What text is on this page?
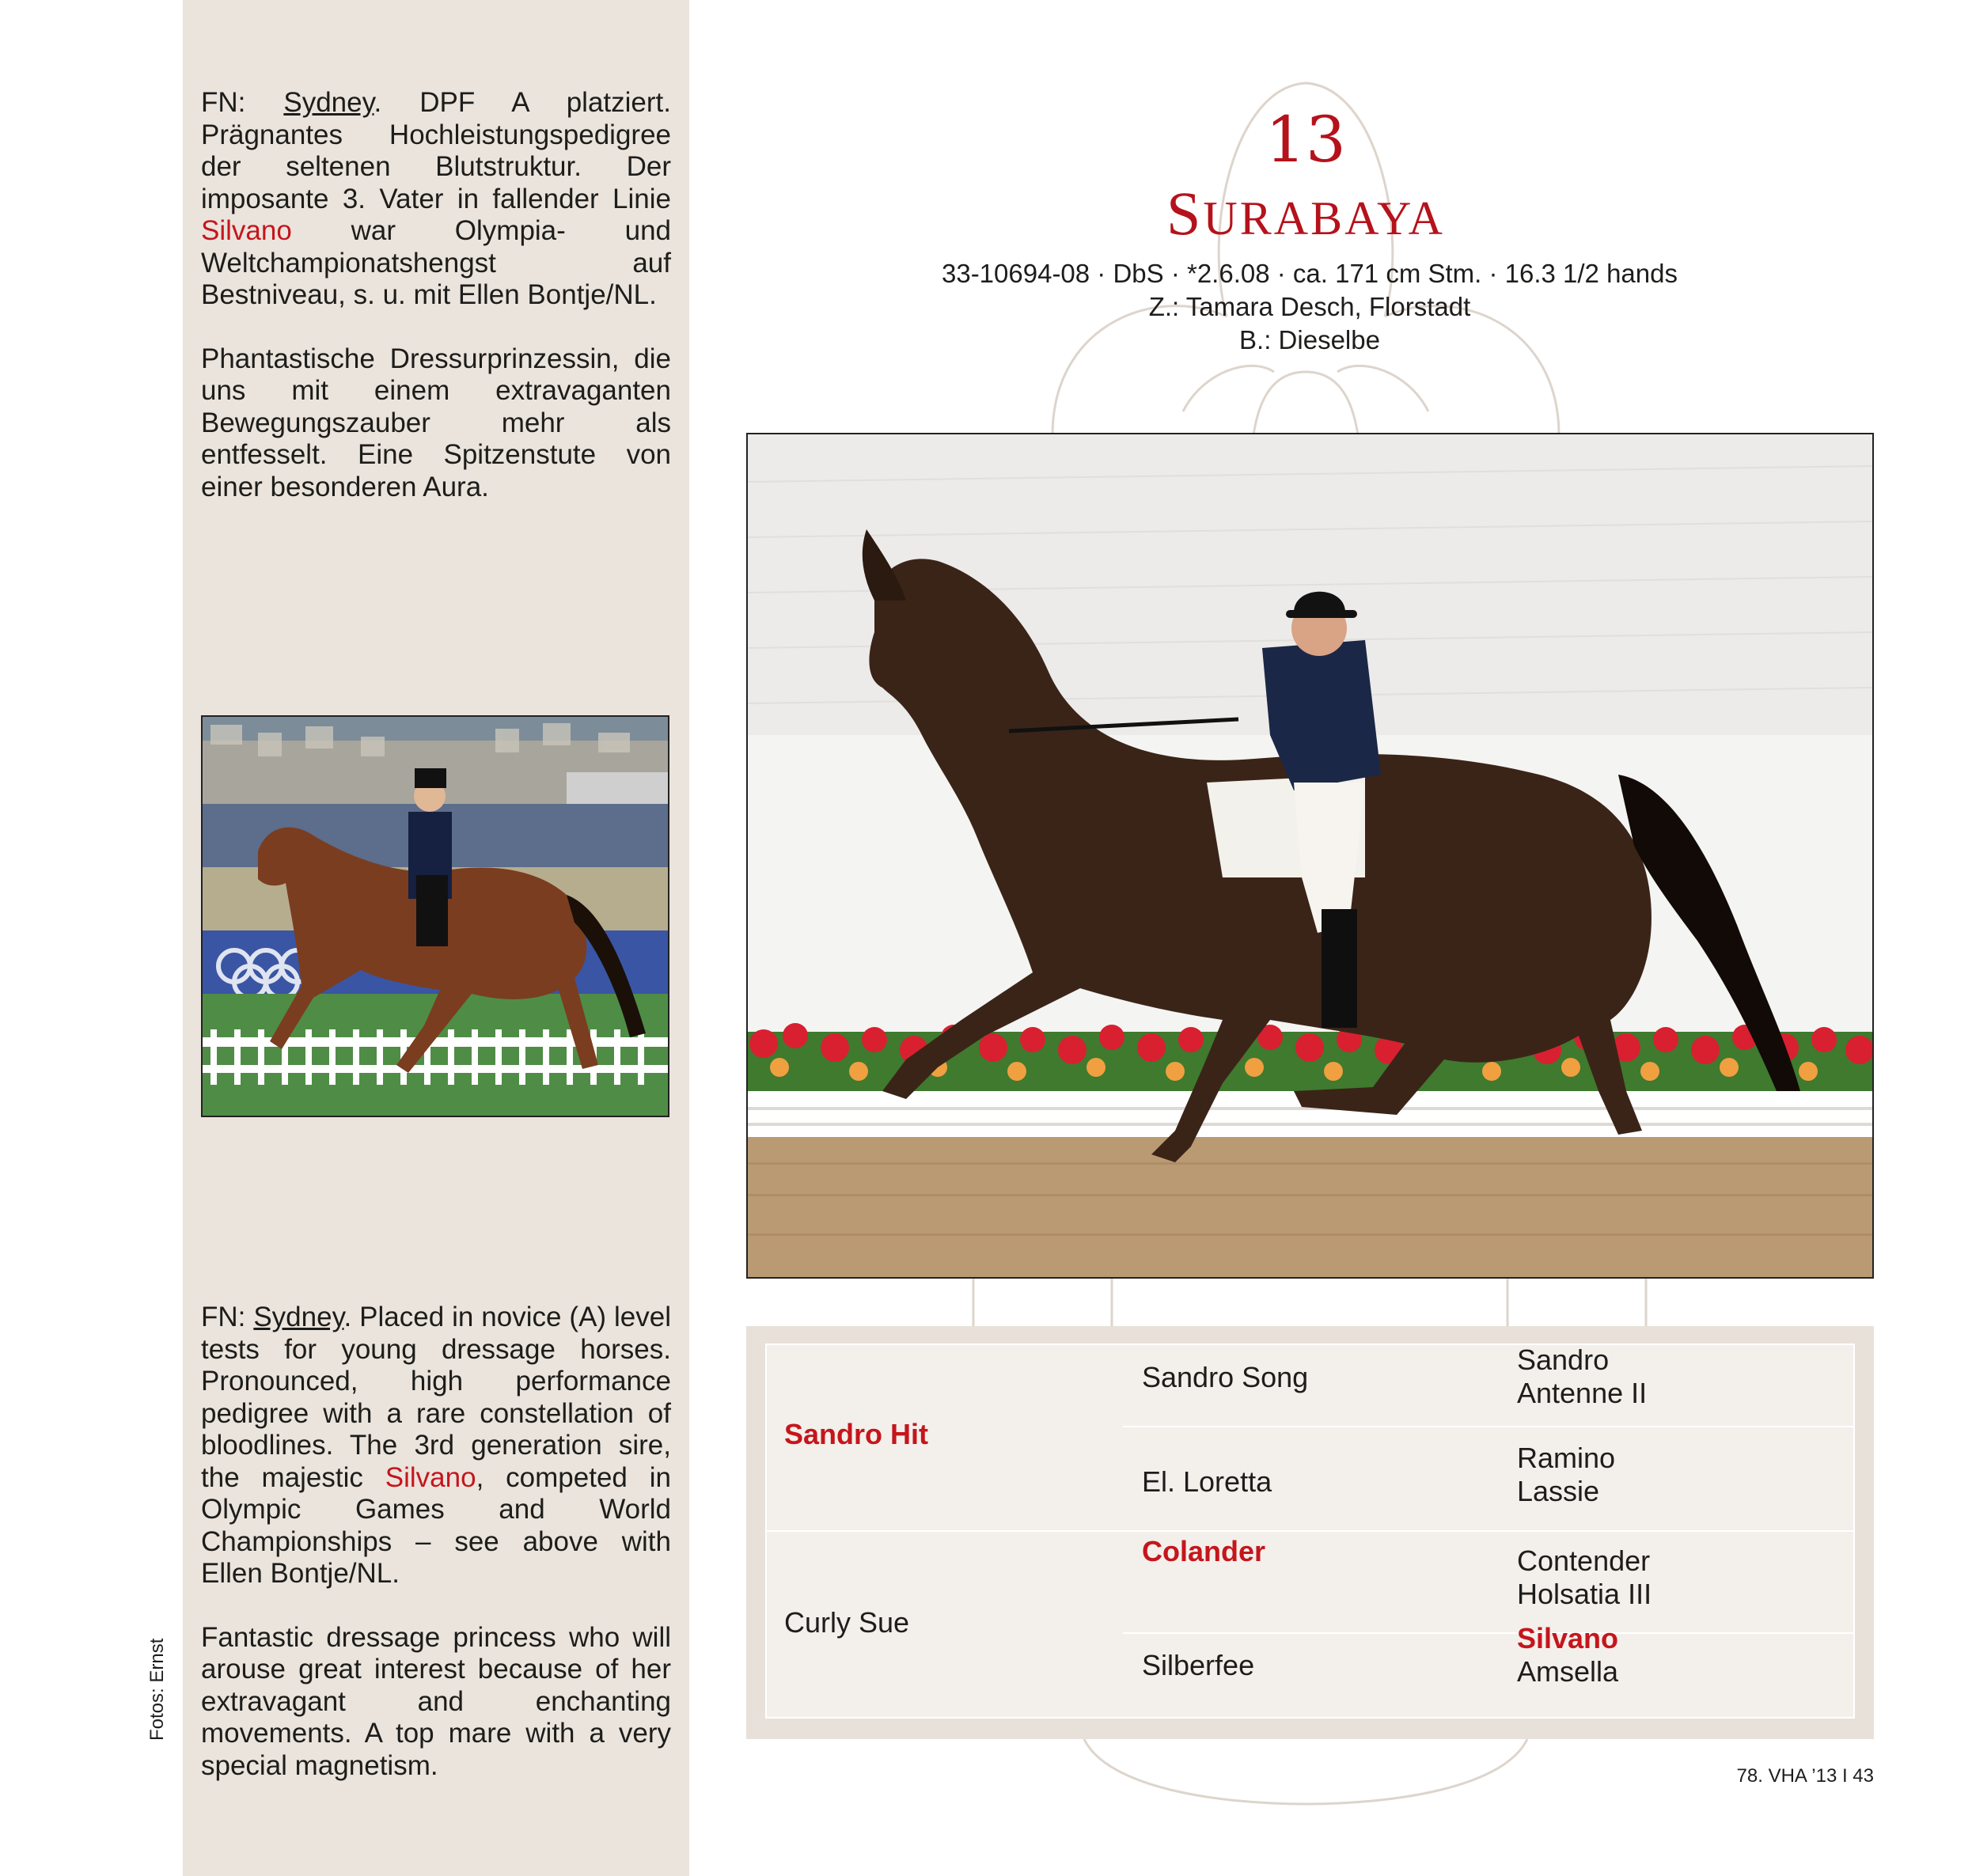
FN: Sydney. DPF A platziert. Prägnantes Hochleistungspedigree der seltenen Blutstruktur. Der imposante 3. Vater in fallender Linie Silvano war Olympia- und Weltchampionatshengst auf Bestniveau, s. u. mit Ellen Bontje/NL.

Phantastische Dressurprinzessin, die uns mit einem extravaganten Bewegungszauber mehr als entfesselt. Eine Spitzenstute von einer besonderen Aura.

FN: Sydney. Placed in novice (A) level tests for young dressage horses. Pronounced, high performance pedigree with a rare constellation of bloodlines. The 3rd generation sire, the majestic Silvano, competed in Olympic Games and World Championships – see above with Ellen Bontje/NL.

Fantastic dressage princess who will arouse great interest because of her extravagant and enchanting movements. A top mare with a very special magnetism.

Fotos: Ernst
13
SURABAYA
33-10694-08 · DbS · *2.6.08 · ca. 171 cm Stm. · 16.3 1/2 hands
Z.: Tamara Desch, Florstadt
B.: Dieselbe
Sandro Hit
Curly Sue
Sandro Song
El. Loretta
Colander
Silberfee
Sandro
Antenne II
Ramino
Lassie
Contender
Holsatia III
Silvano
Amsella
78. VHA ’13 I 43
